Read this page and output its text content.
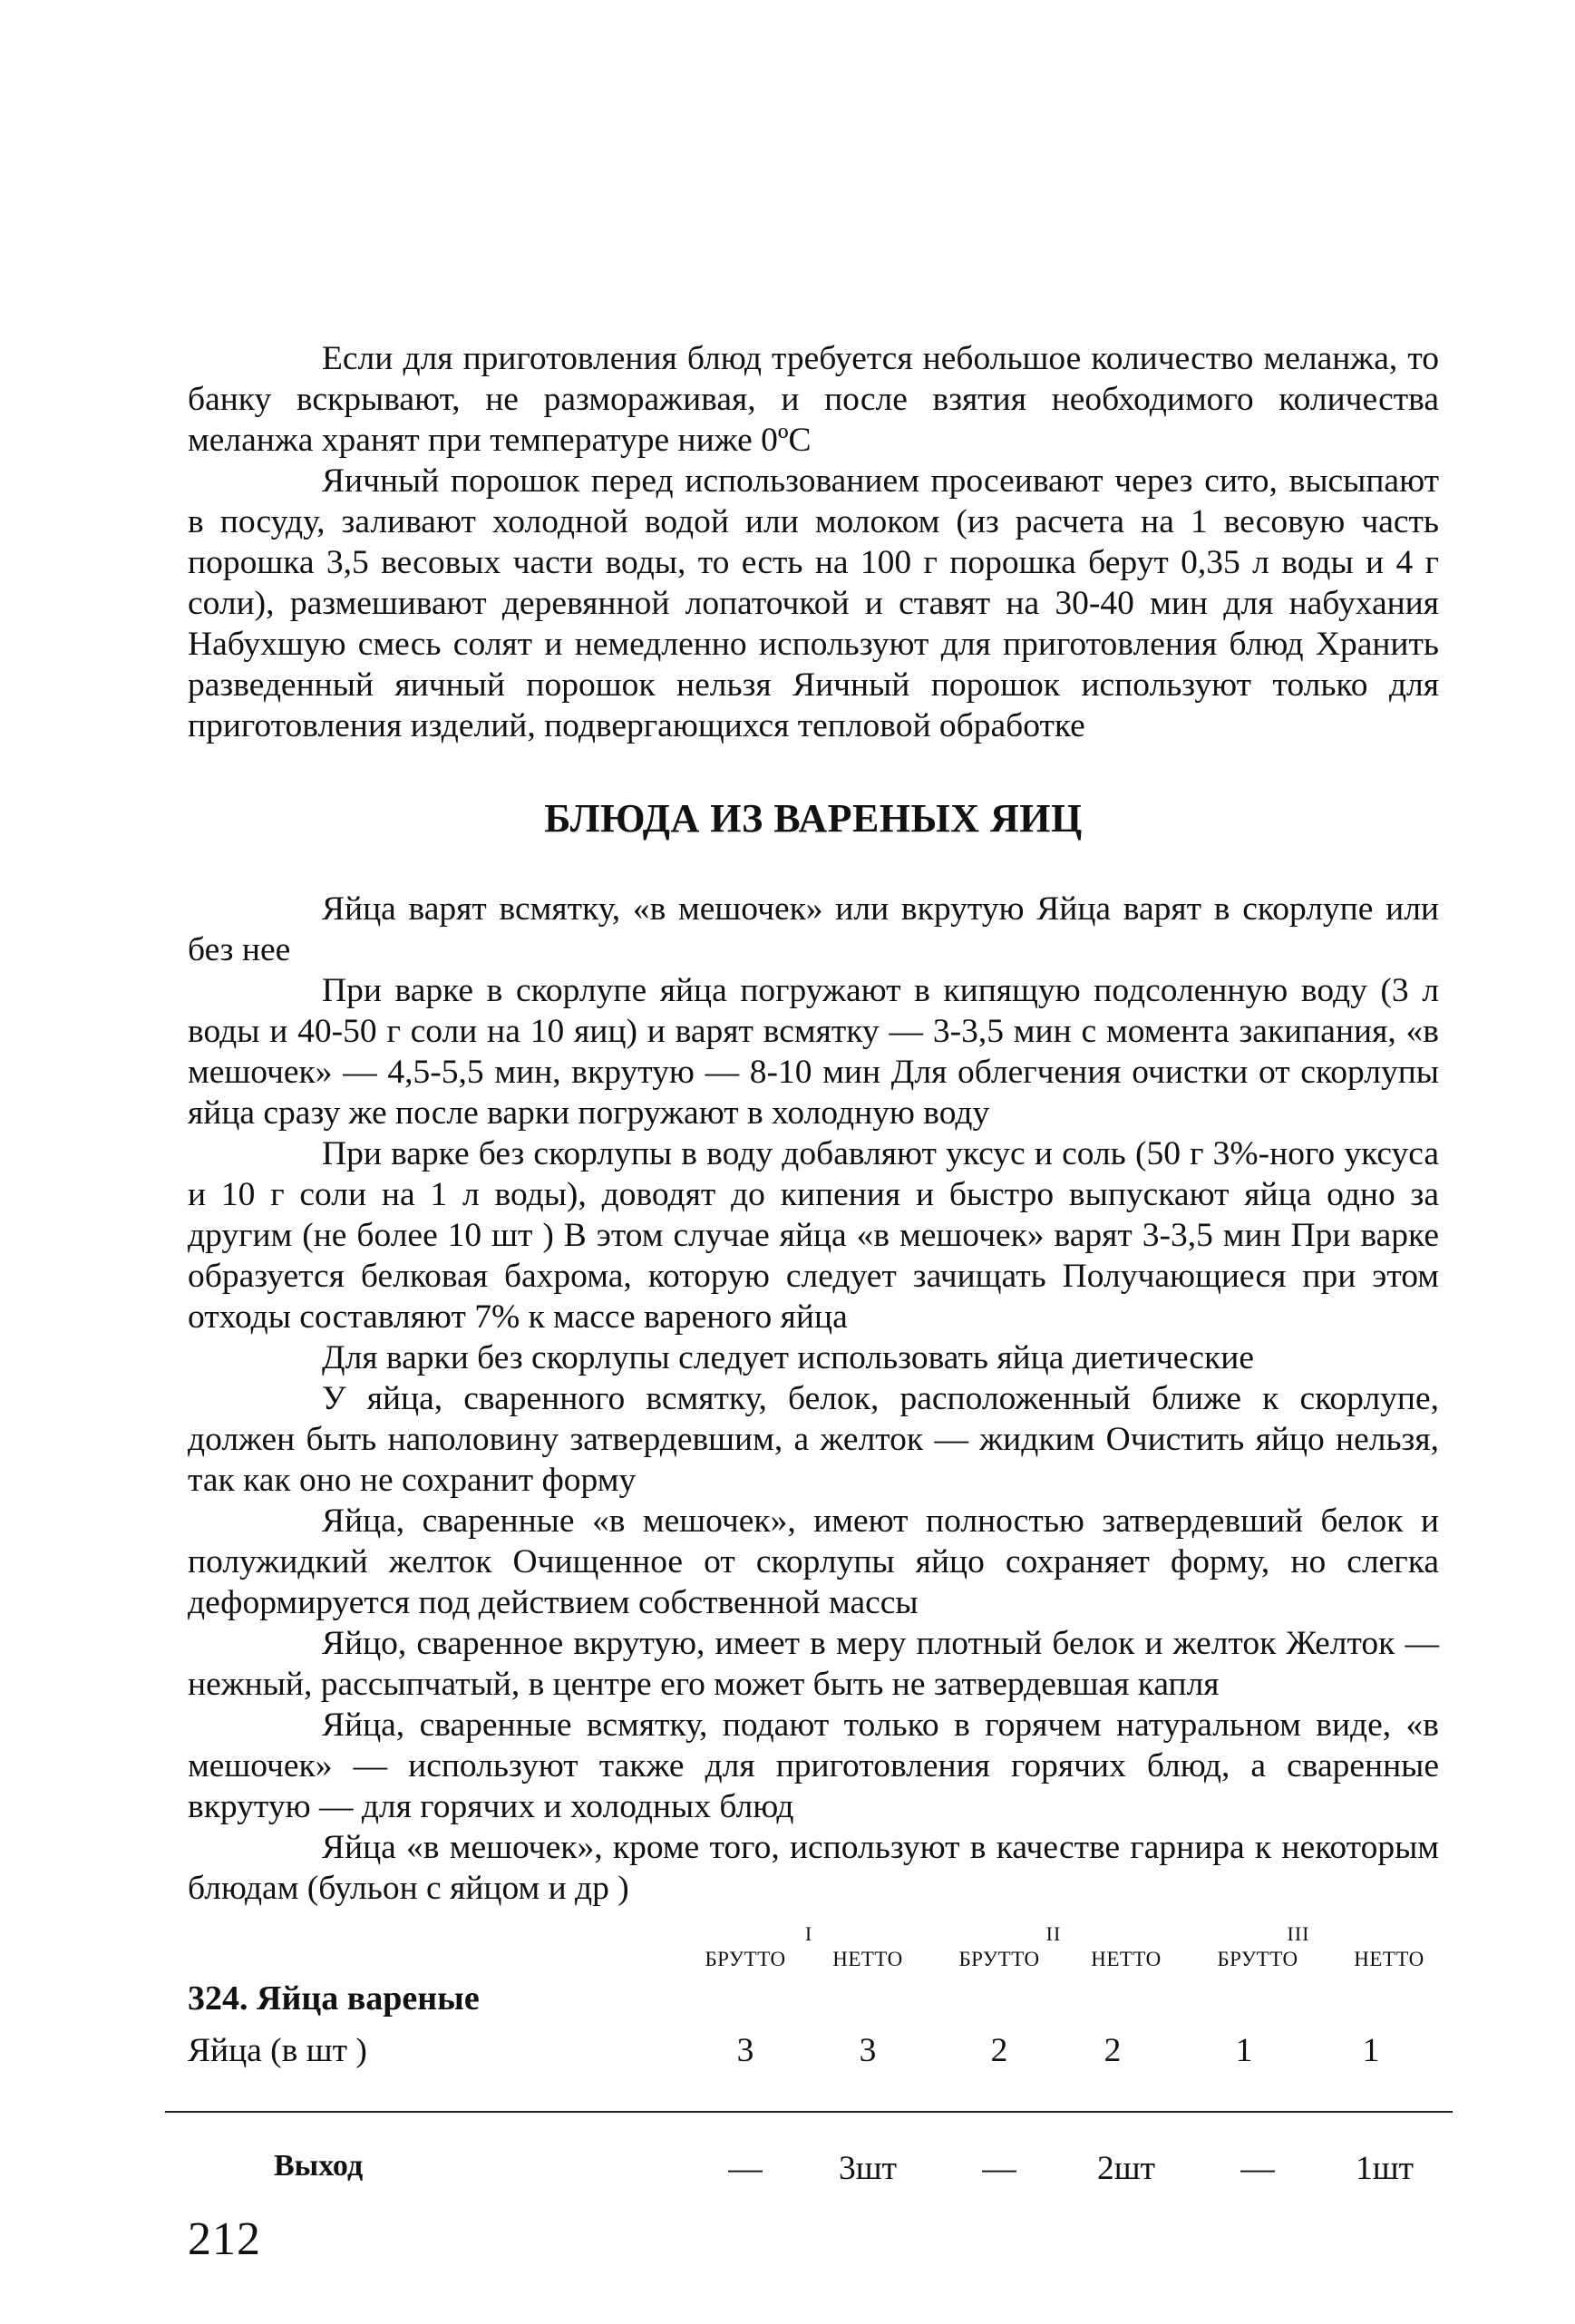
Если для приготовления блюд требуется небольшое количество меланжа, то банку вскрывают, не размораживая, и после взятия необходимого количества меланжа хранят при температуре ниже 0ºС

Яичный порошок перед использованием просеивают через сито, высыпают в посуду, заливают холодной водой или молоком (из расчета на 1 весовую часть порошка 3,5 весовых части воды, то есть на 100 г порошка берут 0,35 л воды и 4 г соли), размешивают деревянной лопаточкой и ставят на 30-40 мин для набухания Набухшую смесь солят и немедленно используют для приготовления блюд Хранить разведенный яичный порошок нельзя Яичный порошок используют только для приготовления изделий, подвергающихся тепловой обработке

БЛЮДА ИЗ ВАРЕНЫХ ЯИЦ

Яйца варят всмятку, «в мешочек» или вкрутую Яйца варят в скорлупе или без нее

При варке в скорлупе яйца погружают в кипящую подсоленную воду (3 л воды и 40-50 г соли на 10 яиц) и варят всмятку — 3-3,5 мин с момента закипания, «в мешочек» — 4,5-5,5 мин, вкрутую — 8-10 мин Для облегчения очистки от скорлупы яйца сразу же после варки погружают в холодную воду

При варке без скорлупы в воду добавляют уксус и соль (50 г 3%-ного уксуса и 10 г соли на 1 л воды), доводят до кипения и быстро выпускают яйца одно за другим (не более 10 шт ) В этом случае яйца «в мешочек» варят 3-3,5 мин При варке образуется белковая бахрома, которую следует зачищать Получающиеся при этом отходы составляют 7% к массе вареного яйца

Для варки без скорлупы следует использовать яйца диетические

У яйца, сваренного всмятку, белок, расположенный ближе к скорлупе, должен быть наполовину затвердевшим, а желток — жидким Очистить яйцо нельзя, так как оно не сохранит форму

Яйца, сваренные «в мешочек», имеют полностью затвердевший белок и полужидкий желток Очищенное от скорлупы яйцо сохраняет форму, но слегка деформируется под действием собственной массы

Яйцо, сваренное вкрутую, имеет в меру плотный белок и желток Желток — нежный, рассыпчатый, в центре его может быть не затвердевшая капля

Яйца, сваренные всмятку, подают только в горячем натуральном виде, «в мешочек» — используют также для приготовления горячих блюд, а сваренные вкрутую — для горячих и холодных блюд

Яйца «в мешочек», кроме того, используют в качестве гарнира к некоторым блюдам (бульон с яйцом и др )

I	II	III
БРУТТО	НЕТТО	БРУТТО	НЕТТО	БРУТТО	НЕТТО
324. Яйца вареные
Яйца (в шт )	3	3	2	2	1	1
Выход	—	3шт	—	2шт	—	1шт
212
